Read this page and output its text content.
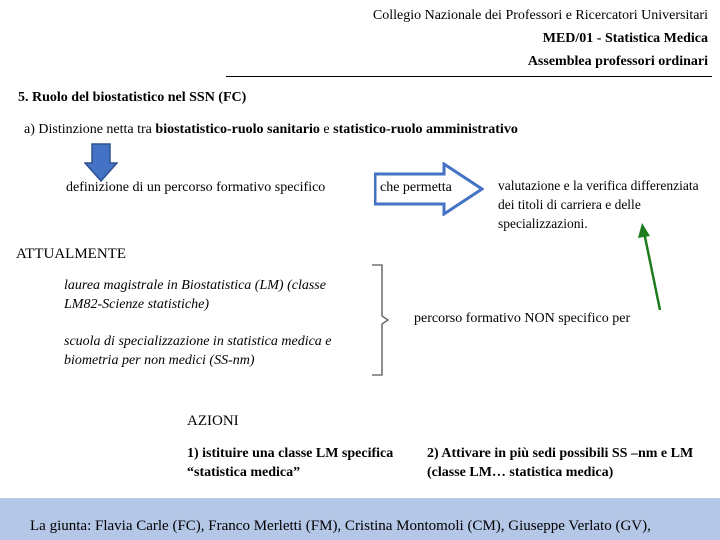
Collegio Nazionale dei Professori e Ricercatori Universitari
MED/01 - Statistica Medica
Assemblea professori ordinari
5. Ruolo del biostatistico nel SSN (FC)
a) Distinzione netta tra biostatistico-ruolo sanitario e statistico-ruolo amministrativo
definizione di un percorso formativo specifico	che permetta	valutazione e la verifica differenziata dei titoli di carriera e delle specializzazioni.
ATTUALMENTE
laurea magistrale in Biostatistica (LM) (classe LM82-Scienze statistiche)
scuola di specializzazione in statistica medica e biometria per non medici (SS-nm)
percorso formativo NON specifico per
AZIONI
1) istituire una classe LM specifica “statistica medica”
2) Attivare in più sedi possibili SS –nm e LM (classe LM… statistica medica)
La giunta: Flavia Carle (FC), Franco Merletti (FM), Cristina Montomoli (CM), Giuseppe Verlato (GV),
